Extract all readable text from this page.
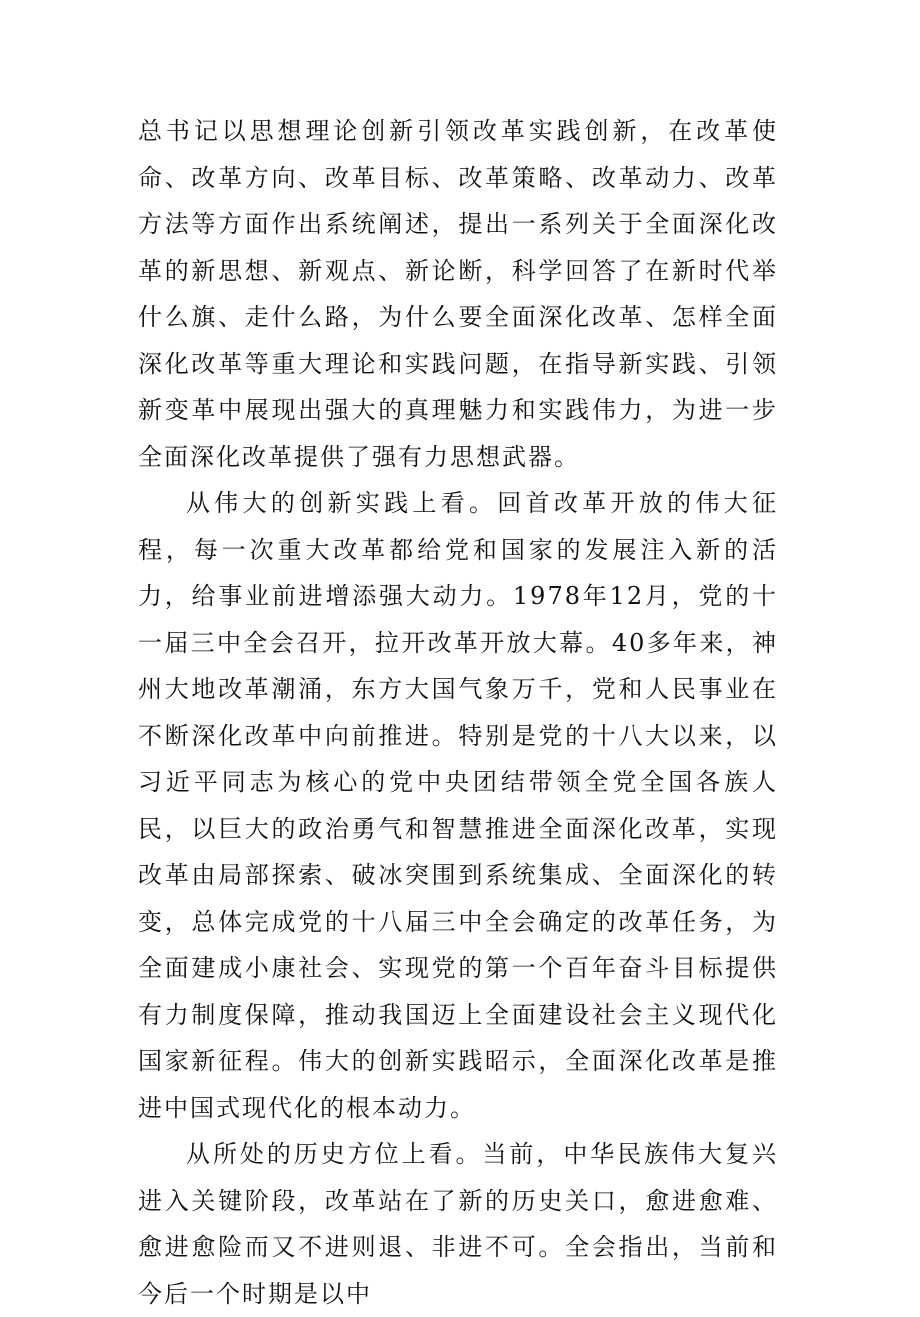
总书记以思想理论创新引领改革实践创新，在改革使命、改革方向、改革目标、改革策略、改革动力、改革方法等方面作出系统阐述，提出一系列关于全面深化改革的新思想、新观点、新论断，科学回答了在新时代举什么旗、走什么路，为什么要全面深化改革、怎样全面深化改革等重大理论和实践问题，在指导新实践、引领新变革中展现出强大的真理魅力和实践伟力，为进一步全面深化改革提供了强有力思想武器。

从伟大的创新实践上看。回首改革开放的伟大征程，每一次重大改革都给党和国家的发展注入新的活力，给事业前进增添强大动力。1978年12月，党的十一届三中全会召开，拉开改革开放大幕。40多年来，神州大地改革潮涌，东方大国气象万千，党和人民事业在不断深化改革中向前推进。特别是党的十八大以来，以习近平同志为核心的党中央团结带领全党全国各族人民，以巨大的政治勇气和智慧推进全面深化改革，实现改革由局部探索、破冰突围到系统集成、全面深化的转变，总体完成党的十八届三中全会确定的改革任务，为全面建成小康社会、实现党的第一个百年奋斗目标提供有力制度保障，推动我国迈上全面建设社会主义现代化国家新征程。伟大的创新实践昭示，全面深化改革是推进中国式现代化的根本动力。

从所处的历史方位上看。当前，中华民族伟大复兴进入关键阶段，改革站在了新的历史关口，愈进愈难、愈进愈险而又不进则退、非进不可。全会指出，当前和今后一个时期是以中
